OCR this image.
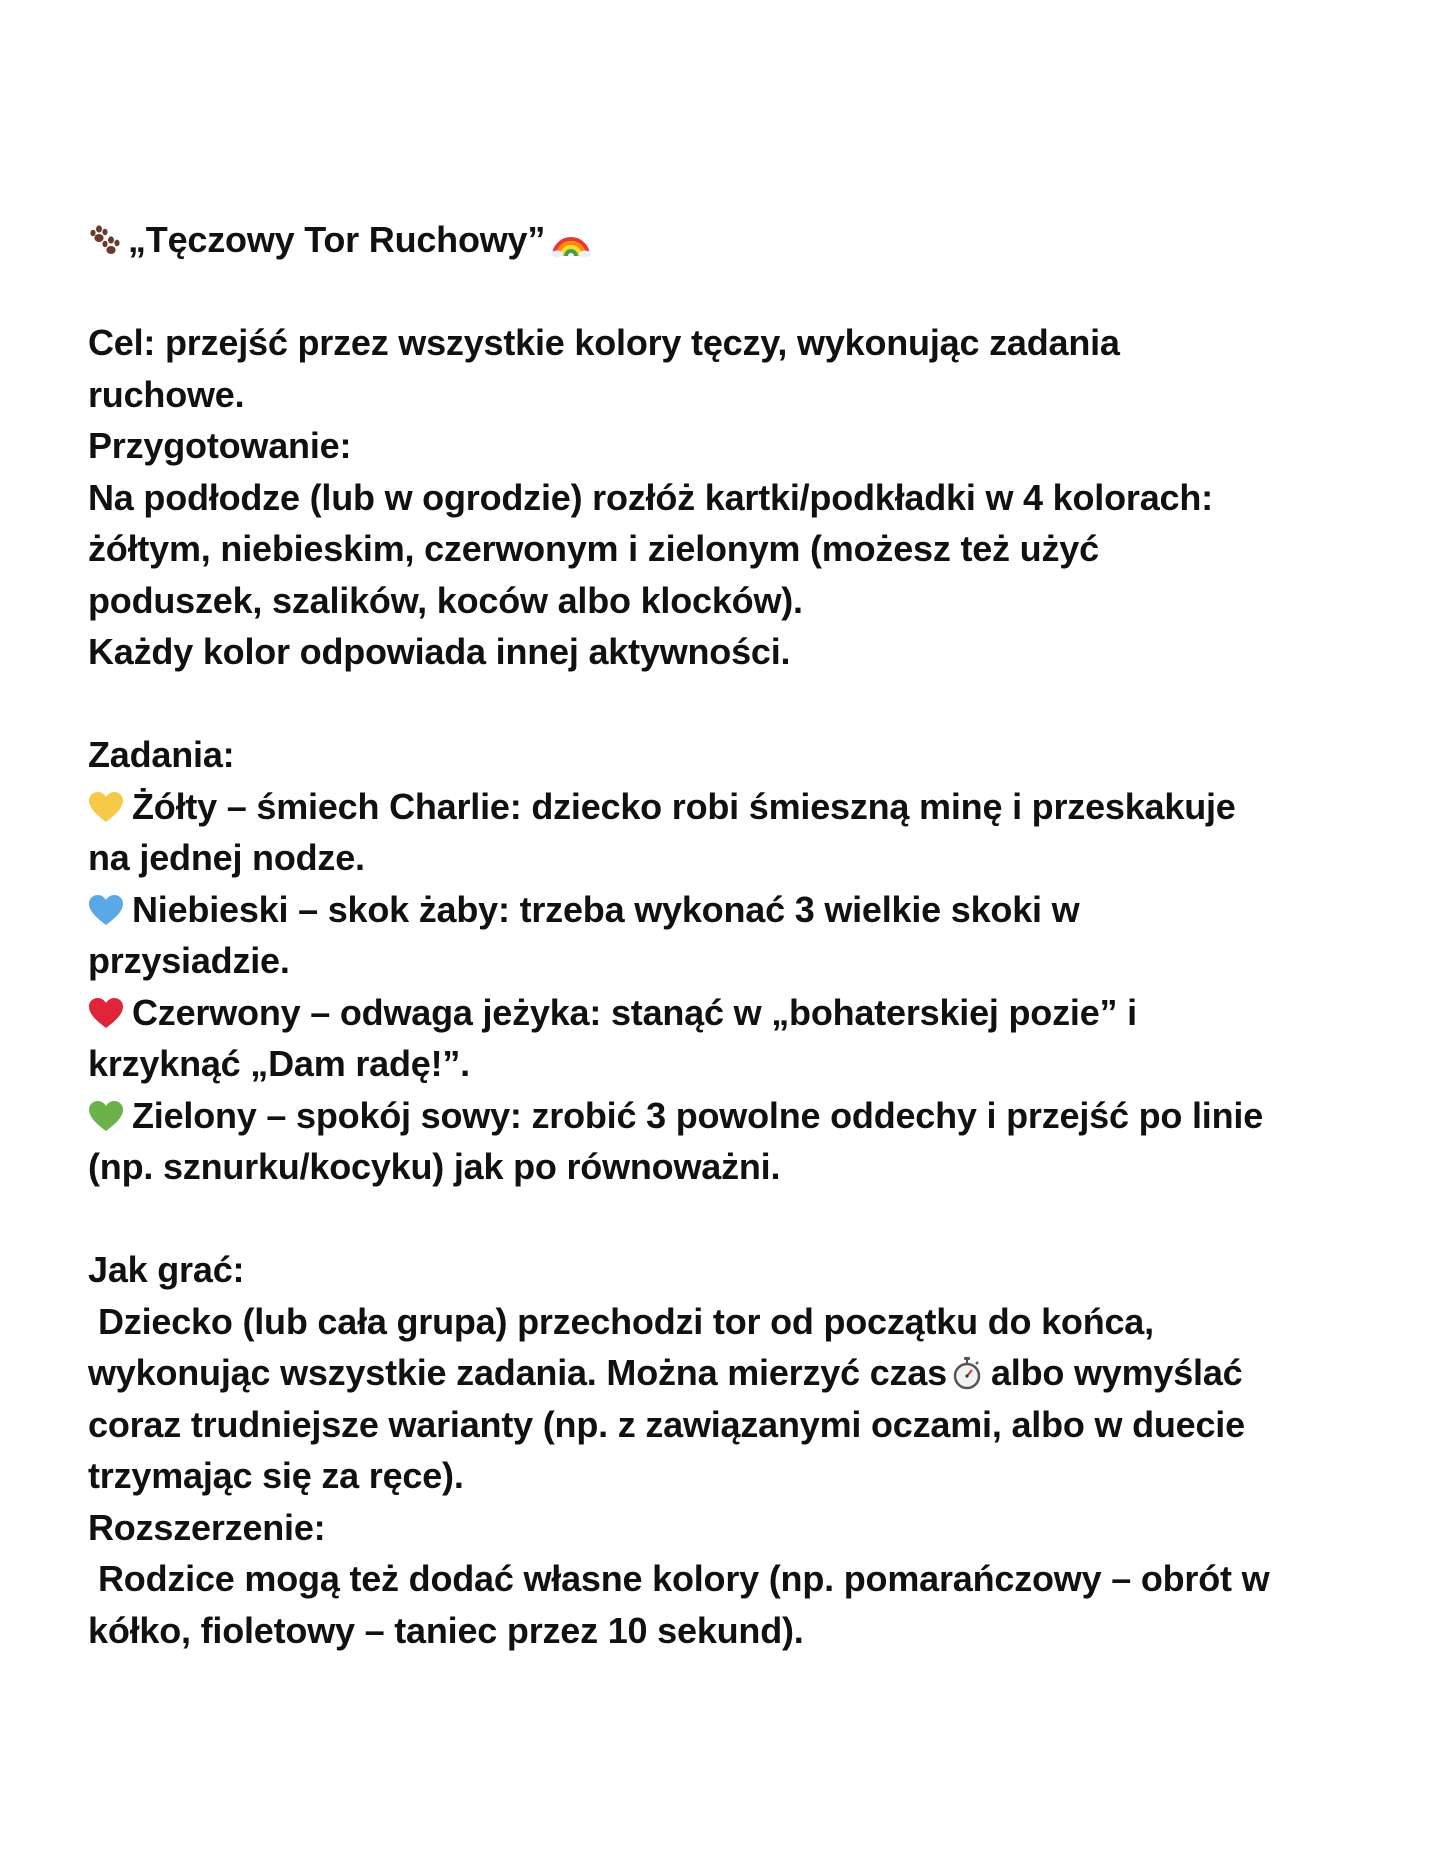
„Tęczowy Tor Ruchowy”
Cel: przejść przez wszystkie kolory tęczy, wykonując zadania
ruchowe.
Przygotowanie:
Na podłodze (lub w ogrodzie) rozłóż kartki/podkładki w 4 kolorach:
żółtym, niebieskim, czerwonym i zielonym (możesz też użyć
poduszek, szalików, koców albo klocków).
Każdy kolor odpowiada innej aktywności.
Zadania:
Żółty – śmiech Charlie: dziecko robi śmieszną minę i przeskakuje
na jednej nodze.
Niebieski – skok żaby: trzeba wykonać 3 wielkie skoki w
przysiadzie.
Czerwony – odwaga jeżyka: stanąć w „bohaterskiej pozie” i
krzyknąć „Dam radę!”.
Zielony – spokój sowy: zrobić 3 powolne oddechy i przejść po linie
(np. sznurku/kocyku) jak po równoważni.
Jak grać:
Dziecko (lub cała grupa) przechodzi tor od początku do końca,
wykonując wszystkie zadania. Można mierzyć czas albo wymyślać
coraz trudniejsze warianty (np. z zawiązanymi oczami, albo w duecie
trzymając się za ręce).
Rozszerzenie:
Rodzice mogą też dodać własne kolory (np. pomarańczowy – obrót w
kółko, fioletowy – taniec przez 10 sekund).
